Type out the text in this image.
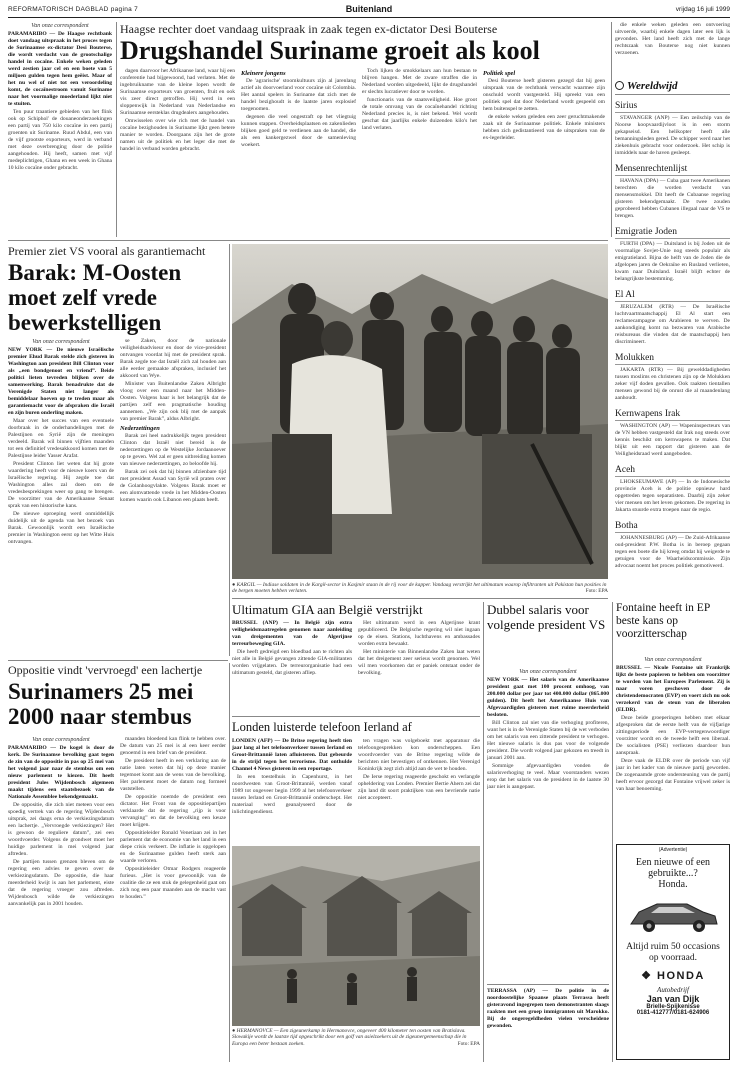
REFORMATORISCH DAGBLAD pagina 7	Buitenland	vrijdag 16 juli 1999

Van onze correspondent

PARAMARIBO — De Haagse rechtbank doet vandaag uitspraak in het proces tegen de Surinaamse ex-dictator Desi Bouterse, die wordt verdacht van de grootschalige handel in cocaïne. Enkele weken geleden werd zestien jaar cel en een boete van 5 miljoen gulden tegen hem geëist. Maar of het nu wel of niet tot een veroordeling komt, de cocaïnestroom vanuit Suriname naar het voormalige moederland lijkt niet te stuiten.

Ten puur traantiere gebieden van het flink ook op Schiphol' de douaneonderzoekingen een partij van 750 kilo cocaïne in een partij groenten uit Suriname. Ruud Abdul, een van de vijf grootste exporteurs, werd in verband met deze overbrenging door de politie aangehouden. Hij heeft, samen met vijf medeplichtigen, Ghana en een week in Ghana 10 kilo cocaïne onder gebracht.

Haagse rechter doet vandaag uitspraak in zaak tegen ex-dictator Desi Bouterse
Drugshandel Suriname groeit als kool

dagen daarvoor het Afrikaanse land, waar hij een conferentie had bijgewoond, had verlaten. Met de ingebruikname van de kleine lopen wordt de Surinaamse exporteurs van groenten, fruit en ook vis zeer direct getroffen. Hij werd in een sloppenwijk in Nederland van Nederlandse en Surinaamse eersteklas drugdealers aangehouden.

Omwisselen over wie rich met de handel van cocaïne bezighouden in Suriname lijkt geen betere manier te worden. Doorgaans zijn het de grote namen uit de politiek en het leger die met de handel in verband worden gebracht.

Kleinere jongens

De 'agrarische' stoomkultuurs zijn al jarenlang actief als doorvoerland voor cocaïne uit Colombia. Het aantal spelers in Suriname dat zich met de handel bezighoudt is de laatste jaren explosief toegenomen.

degenen die veel ongestraft op het vliegtuig kunnen stappen. Overheidsplaatsen en zakenlieden blijken goed geld te verdienen aan de handel, die als een kankergezwel door de samenleving woekert.

Toch lijken de smokkelaars aan hun bestaan te blijven hangen. Met de zware straffen die in Nederland worden uitgedeeld, lijkt de drugshandel er slechts lucratiever door te worden.

functionaris van de staatsveiligheid. Hoe groot de totale omvang van de cocaïnehandel richting Nederland precies is, is niet bekend. Wel wordt geschat dat jaarlijks enkele duizenden kilo's het land verlaten.

Politiek spel

Desi Bouterse heeft gisteren gezegd dat hij geen uitspraak van de rechtbank verwacht waarmee zijn onschuld wordt vastgesteld. Hij spreekt van een politiek spel dat door Nederland wordt gespeeld om hem buitenspel te zetten.

de enkele weken geleden een zeer geruchtmakende zaak uit de Surinaamse politiek. Enkele ministers hebben zich gedistantieerd van de uitspraken van de ex-legerleider.

die enkele weken geleden een ontvoering uitvoerde, waarbij enkele dagen later een lijk is gevonden. Het land heeft zich met de lange rechtszaak van Bouterse nog niet kunnen verzoenen.

Wereldwijd
Sirius

STAVANGER (ANP) — Een zeilschip van de Noorse koopvaardijvloot is in een storm gekapseisd. Een helikopter heeft alle bemanningsleden gered. De schipper werd naar het ziekenhuis gebracht voor onderzoek. Het schip is inmiddels naar de haven gesleept.

Mensenrechtenlijst

HAVANA (DPA) — Cuba gaat twee Amerikanen berechten die worden verdacht van mensensmokkel. Dit heeft de Cubaanse regering gisteren bekendgemaakt. De twee zouden geprobeerd hebben Cubanen illegaal naar de VS te brengen.

Emigratie Joden

FÜRTH (DPA) — Duitsland is bij Joden uit de voormalige Sovjet-Unie nog steeds populair als emigratieland. Bijna de helft van de Joden die de afgelopen jaren de Oekraïne en Rusland verlieten, kwam naar Duitsland. Israël blijft echter de belangrijkste bestemming.

El Al

JERUZALEM (RTR) — De Israëlische luchtvaartmaatschappij El Al start een reclamecampagne om Arabieren te werven. De aankondiging komt na bezwaren van Arabische reisbureaus die vinden dat de maatschappij hen discrimineert.

Molukken

JAKARTA (RTR) — Bij gewelddadigheden tussen moslims en christenen zijn op de Molukken zeker vijf doden gevallen. Ook raakten tientallen mensen gewond bij de onrust die al maandenlang aanhoudt.

Kernwapens Irak

WASHINGTON (AP) — Wapeninspecteurs van de VN hebben vastgesteld dat Irak nog steeds over kennis beschikt om kernwapens te maken. Dat blijkt uit een rapport dat gisteren aan de Veiligheidsraad werd aangeboden.

Aceh

LHOKSEUMAWE (AP) — In de Indonesische provincie Aceh is de politie opnieuw hard opgetreden tegen separatisten. Daarbij zijn zeker vier mensen om het leven gekomen. De regering in Jakarta stuurde extra troepen naar de regio.

Botha

JOHANNESBURG (AP) — De Zuid-Afrikaanse oud-president P.W. Botha is in beroep gegaan tegen een boete die hij kreeg omdat hij weigerde te getuigen voor de Waarheidscommissie. Zijn advocaat noemt het proces politiek gemotiveerd.

Premier ziet VS vooral als garantiemacht
Barak: M-Oosten moet zelf vrede bewerkstelligen
● KARGIL — Indiase soldaten in de Kargil-sector in Kasjmir staan in de rij voor de kapper. Vandaag verstrijkt het ultimatum waarop infiltranten uit Pakistan hun posities in de bergen moeten hebben verlaten.	Foto: EPA

Van onze correspondent

NEW YORK — De nieuwe Israëlische premier Ehud Barak stelde zich gisteren in Washington aan president Bill Clinton voor als „een bondgenoot en vriend”. Beide politici lieten tevreden blijken over de samenwerking. Barak benadrukte dat de Verenigde Staten niet langer als bemiddelaar hoeven op te treden maar als garantiemacht voor de afspraken die Israël en zijn buren onderling maken.

Maar over het succes van een eventuele doorbraak in de onderhandelingen met de Palestijnen en Syrië zijn de meningen verdeeld. Barak wil binnen vijftien maanden tot een definitief vredesakkoord komen met de Palestijnse leider Yasser Arafat.

President Clinton liet weten dat hij grote waardering heeft voor de nieuwe koers van de Israëlische regering. Hij zegde toe dat Washington alles zal doen om de vredesbesprekingen weer op gang te brengen. De voorzitter van de Amerikaanse Senaat sprak van een historische kans.

De nieuwe oproeping werd onmiddellijk duidelijk uit de agenda van het bezoek van Barak. Gewoonlijk wordt een Israëlische premier in Washington eerst op het Witte Huis ontvangen.

se Zaken, door de nationale veiligheidsadviseur en door de vice-president ontvangen voordat hij met de president sprak. Barak zegde toe dat Israël zich zal houden aan alle eerder gemaakte afspraken, inclusief het akkoord van Wye.

Minister van Buitenlandse Zaken Albright vloog over een maand naar het Midden-Oosten. Volgens haar is het belangrijk dat de partijen zelf een pragmatische houding aannemen. „We zijn ook blij met de aanpak van premier Barak”, aldus Albright.

Nederzettingen

Barak zei heel nadrukkelijk tegen president Clinton dat Israël niet bereid is de nederzettingen op de Westelijke Jordaanoever op te geven. Wel zal er geen uitbreiding komen van nieuwe nederzettingen, zo beloofde hij.

Barak zei ook dat hij binnen afzienbare tijd met president Assad van Syrië wil praten over de Golanhoogvlakte. Volgens Barak moet er een alomvattende vrede in het Midden-Oosten komen waarin ook Libanon een plaats heeft.

Oppositie vindt 'vervroegd' een lachertje
Surinamers 25 mei 2000 naar stembus

Van onze correspondent

PARAMARIBO — De kogel is door de kerk. De Surinaamse bevolking gaat tegen de zin van de oppositie in pas op 25 mei van het volgend jaar naar de stembus om een nieuw parlement te kiezen. Dit heeft president Jules Wijdenbosch algemeen maakt tijdens een staatsbezoek van de Nationale Assemblee bekendgemaakt.

De oppositie, die zich niet meteen voor een spoedig vertrek van de regering Wijdenbosch uitsprak, zei daags erna de verkiezingsdatum een lachertje. „Vervroegde verkiezingen? Het is gewoon de reguliere datum”, zei een woordvoerder. Volgens de grondwet moet het huidige parlement in mei volgend jaar aftreden.

De partijen tussen grenzen bleven om de regering een advies te geven over de verkiezingsdatum. De oppositie, die haar meerderheid kwijt is aan het parlement, eiste dat de regering vroeger zou aftreden. Wijdenbosch wilde de verkiezingen aanvankelijk pas in 2001 houden.

maanden bloedend kan flink te hebben over. De datum van 25 mei is al een keer eerder genoemd in een brief van de president.

De president heeft in een verklaring aan de natie laten weten dat hij op deze manier tegemoet komt aan de wens van de bevolking. Het parlement moet de datum nog formeel vaststellen.

De oppositie noemde de president een dictator. Het Front van de oppositiepartijen verklaarde dat de regering „rijp is voor vervanging” en dat de bevolking een keuze moet krijgen.

Oppositieleider Ronald Venetiaan zei in het parlement dat de economie van het land in een diepe crisis verkeert. De inflatie is opgelopen en de Surinaamse gulden heeft sterk aan waarde verloren.

Oppositieleider Otmar Rodgers reageerde furieus. „Het is voor gewoonlijk van de coalitie die ze een stuk de gelegenheid gaat om zich nog een paar maanden aan de macht vast te houden.”

Ultimatum GIA aan België verstrijkt

BRUSSEL (ANP) — In België zijn extra veiligheidsmaatregelen genomen naar aanleiding van dreigementen van de Algerijnse terreurbeweging GIA.

Die heeft gedreigd een bloedbad aan te richten als niet alle in België gevangen zittende GIA-militanten worden vrijgelaten. De terreurorganisatie had een ultimatum gesteld, dat gisteren afliep.

Het ultimatum werd in een Algerijnse krant gepubliceerd. De Belgische regering wil niet ingaan op de eisen. Stations, luchthavens en ambassades worden extra bewaakt.

Het ministerie van Binnenlandse Zaken laat weten dat het dreigement zeer serieus wordt genomen. Wel wil men voorkomen dat er paniek ontstaat onder de bevolking.

Londen luisterde telefoon Ierland af

LONDEN (AFP) — De Britse regering heeft tien jaar lang al het telefoonverkeer tussen Ierland en Groot-Brittannië laten afluisteren. Dat gebeurde in de strijd tegen het terrorisme. Dat onthulde Channel 4 News gisteren in een reportage.

In een toestelhuis in Capenhurst, in het noordwesten van Groot-Brittannië, werden vanaf 1989 tot ongeveer begin 1999 al het telefoonverkeer tussen Ierland en Groot-Brittannië onderschept. Het materiaal werd geanalyseerd door de inlichtingendienst.

ten vragen was volgeboekt met apparatuur die telefoongesprekken kon onderscheppen. Een woordvoerder van de Britse regering wilde de berichten niet bevestigen of ontkennen. Het Verenigd Koninkrijk zegt zich altijd aan de wet te houden.

De Ierse regering reageerde geschokt en verlangde opheldering van Londen. Premier Bertie Ahern zei dat zijn land dit soort praktijken van een bevriende natie niet accepteert.

● HERMANOVCE — Een zigeunerkamp in Hermanovce, ongeveer 400 kilometer ten oosten van Bratislava. Slowakije wordt de laatste tijd opgeschrikt door een golf van asielzoekers uit de zigeunergemeenschap die in Europa een beter bestaan zoeken.	Foto: EPA
Dubbel salaris voor volgende president VS

Van onze correspondent

NEW YORK — Het salaris van de Amerikaanse president gaat met 100 procent omhoog, van 200.000 dollar per jaar tot 400.000 dollar (865.000 gulden). Dit heeft het Amerikaanse Huis van Afgevaardigden gisteren met ruime meerderheid besloten.

Bill Clinton zal niet van die verhoging profiteren, want het is in de Verenigde Staten bij de wet verboden om het salaris van een zittende president te verhogen. Het nieuwe salaris is dus pas voor de volgende president. Die wordt volgend jaar gekozen en treedt in januari 2001 aan.

Sommige afgevaardigden vonden de salarisverhoging te veel. Maar voorstanders wezen erop dat het salaris van de president in de laatste 30 jaar niet is aangepast.

TERRASSA (AP) — De politie in de noordoostelijke Spaanse plaats Terrassa heeft gisteravond ingegrepen toen demonstranten slaags raakten met een groep immigranten uit Marokko. Bij de ongeregeldheden vielen verscheidene gewonden.

Fontaine heeft in EP beste kans op voorzitterschap

Van onze correspondent

BRUSSEL — Nicole Fontaine uit Frankrijk lijkt de beste papieren te hebben om voorzitter te worden van het Europees Parlement. Zij is naar voren geschoven door de christendemocraten (EVP) en voert zich nu ook verzekerd van de steun van de liberalen (ELDR).

Deze beide groeperingen hebben met elkaar afgesproken dat de eerste helft van de vijfjarige zittingsperiode een EVP-vertegenwoordiger voorzitter wordt en de tweede helft een liberaal. De socialisten (PSE) verliezen daardoor hun aanspraak.

Deze vaak de ELDR over de periode van vijf jaar in het kader van de nieuwe partij geworden. De zogenaamde grote ondersteuning van de partij heeft ervoor gezorgd dat Fontaine vrijwel zeker is van haar benoeming.

(Advertentie)
Een nieuwe of een gebruikte...?
Honda.
Altijd ruim 50 occasions op voorraad.
❖ HONDA
Autobedrijf
Jan van Dijk
Brielle-Spijkenisse
0181-412777/0181-624906
